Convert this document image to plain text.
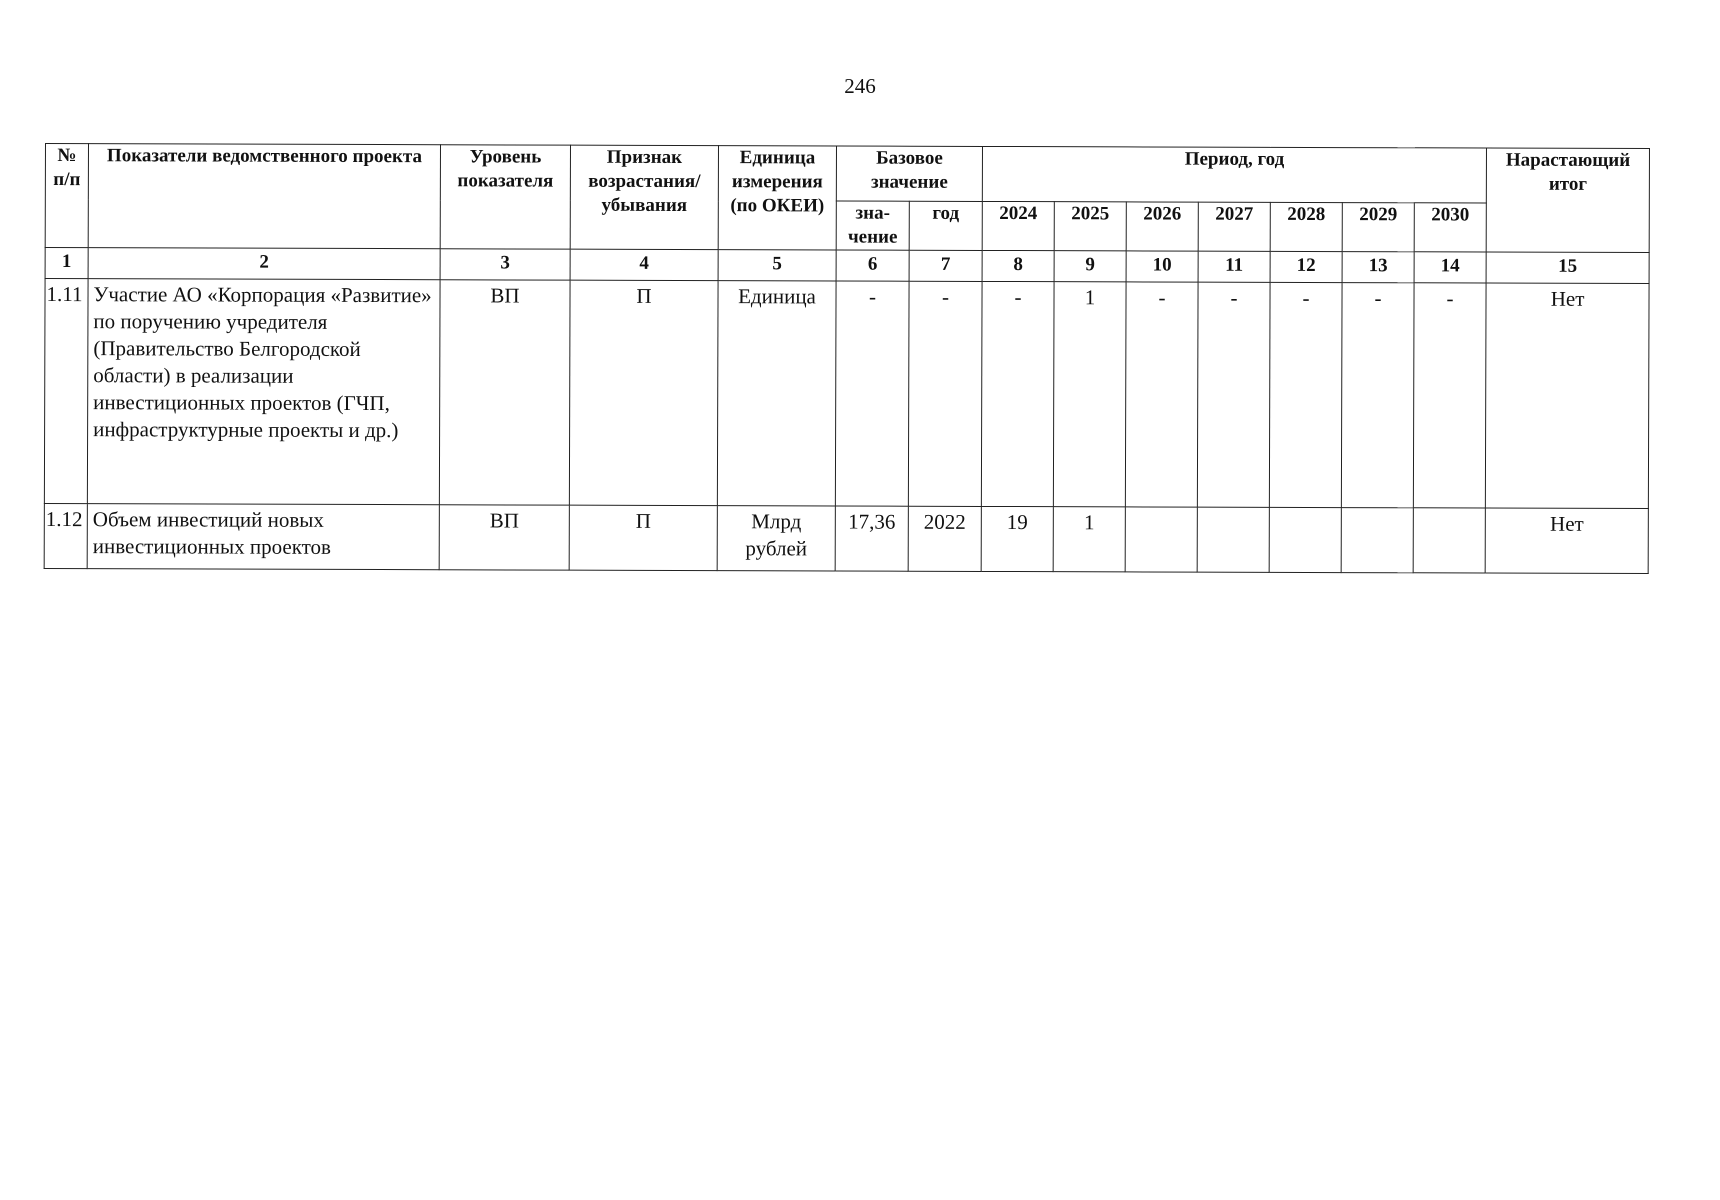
246
№ п/п	Показатели ведомственного проекта	Уровень показателя	Признак возрастания/ убывания	Единица измерения (по ОКЕИ)	Базовое значение		Период, год							Нарастающий итог
					зна- чение	год	2024	2025	2026	2027	2028	2029	2030	
1	2	3	4	5	6	7	8	9	10	11	12	13	14	15
1.11	Участие АО «Корпорация «Развитие» по поручению учредителя (Правительство Белгородской области) в реализации инвестиционных проектов (ГЧП, инфраструктурные проекты и др.)	ВП	П	Единица	-	-	-	1	-	-	-	-	-	Нет
1.12	Объем инвестиций новых инвестиционных проектов	ВП	П	Млрд рублей	17,36	2022	19	1						Нет
